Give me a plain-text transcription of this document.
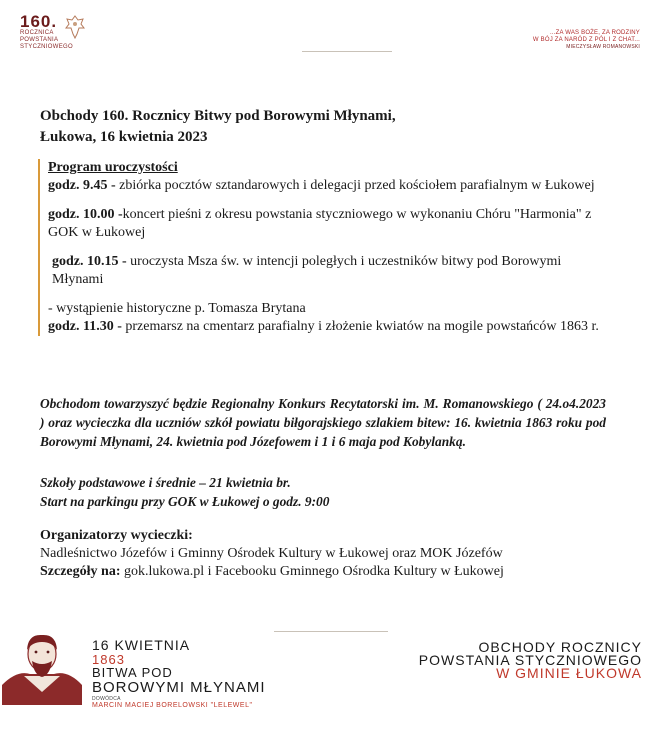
160.
ROCZNICA
POWSTANIA
STYCZNIOWEGO
...ZA WAS BOŻE, ZA RODZINY
W BÓJ ZA NARÓD Z PÓL I Z CHAT...
MIECZYSŁAW ROMANOWSKI
Obchody 160. Rocznicy Bitwy pod Borowymi Młynami,
Łukowa, 16 kwietnia 2023

Program uroczystości

godz. 9.45 - zbiórka pocztów sztandarowych i delegacji przed kościołem parafialnym w Łukowej

godz. 10.00 -koncert pieśni z okresu powstania styczniowego w wykonaniu Chóru "Harmonia" z GOK w Łukowej

godz. 10.15 - uroczysta Msza św. w intencji poległych i uczestników bitwy pod Borowymi Młynami

- wystąpienie historyczne p. Tomasza Brytana

godz. 11.30 - przemarsz na cmentarz parafialny i złożenie kwiatów na mogile powstańców 1863 r.

Obchodom towarzyszyć będzie Regionalny Konkurs Recytatorski im. M. Romanowskiego ( 24.o4.2023 ) oraz wycieczka dla uczniów szkół powiatu biłgorajskiego szlakiem bitew: 16. kwietnia 1863 roku pod Borowymi Młynami, 24. kwietnia pod Józefowem i 1 i 6 maja pod Kobylanką.
Szkoły podstawowe i średnie – 21 kwietnia br.
Start na parkingu przy GOK w Łukowej o godz. 9:00
Organizatorzy wycieczki:
Nadleśnictwo Józefów i Gminny Ośrodek Kultury w Łukowej oraz MOK Józefów
Szczegóły na: gok.lukowa.pl i Facebooku Gminnego Ośrodka Kultury w Łukowej
16 KWIETNIA
1863
BITWA POD
BOROWYMI MŁYNAMI
DOWÓDCA
MARCIN MACIEJ BORELOWSKI "LELEWEL"
OBCHODY ROCZNICY
POWSTANIA STYCZNIOWEGO
W GMINIE ŁUKOWA
